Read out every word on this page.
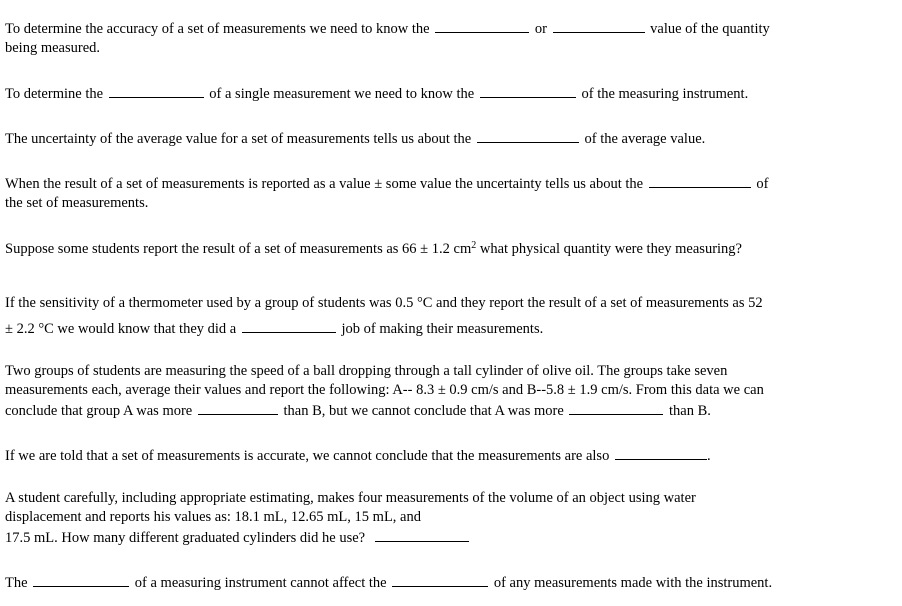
To determine the accuracy of a set of measurements we need to know the	or	value of the quantity
being measured.
To determine the	of a single measurement we need to know the	of the measuring instrument.
The uncertainty of the average value for a set of measurements tells us about the	of the average value.
When the result of a set of measurements is reported as a value ± some value the uncertainty tells us about the	of
the set of measurements.
Suppose some students report the result of a set of measurements as 66 ± 1.2 $cm^2$ what physical quantity were they measuring?
If the sensitivity of a thermometer used by a group of students was 0.5 °C and they report the result of a set of measurements as 52
± 2.2 °C we would know that they did a	job of making their measurements.
Two groups of students are measuring the speed of a ball dropping through a tall cylinder of olive oil. The groups take seven
measurements each, average their values and report the following: A-- 8.3 ± 0.9 cm/s and B--5.8 ± 1.9 cm/s. From this data we can
conclude that group A was more	than B, but we cannot conclude that A was more	than B.
If we are told that a set of measurements is accurate, we cannot conclude that the measurements are also	.
A student carefully, including appropriate estimating, makes four measurements of the volume of an object using water
displacement and reports his values as: 18.1 mL, 12.65 mL, 15 mL, and
17.5 mL. How many different graduated cylinders did he use?
The	of a measuring instrument cannot affect the	of any measurements made with the instrument.
